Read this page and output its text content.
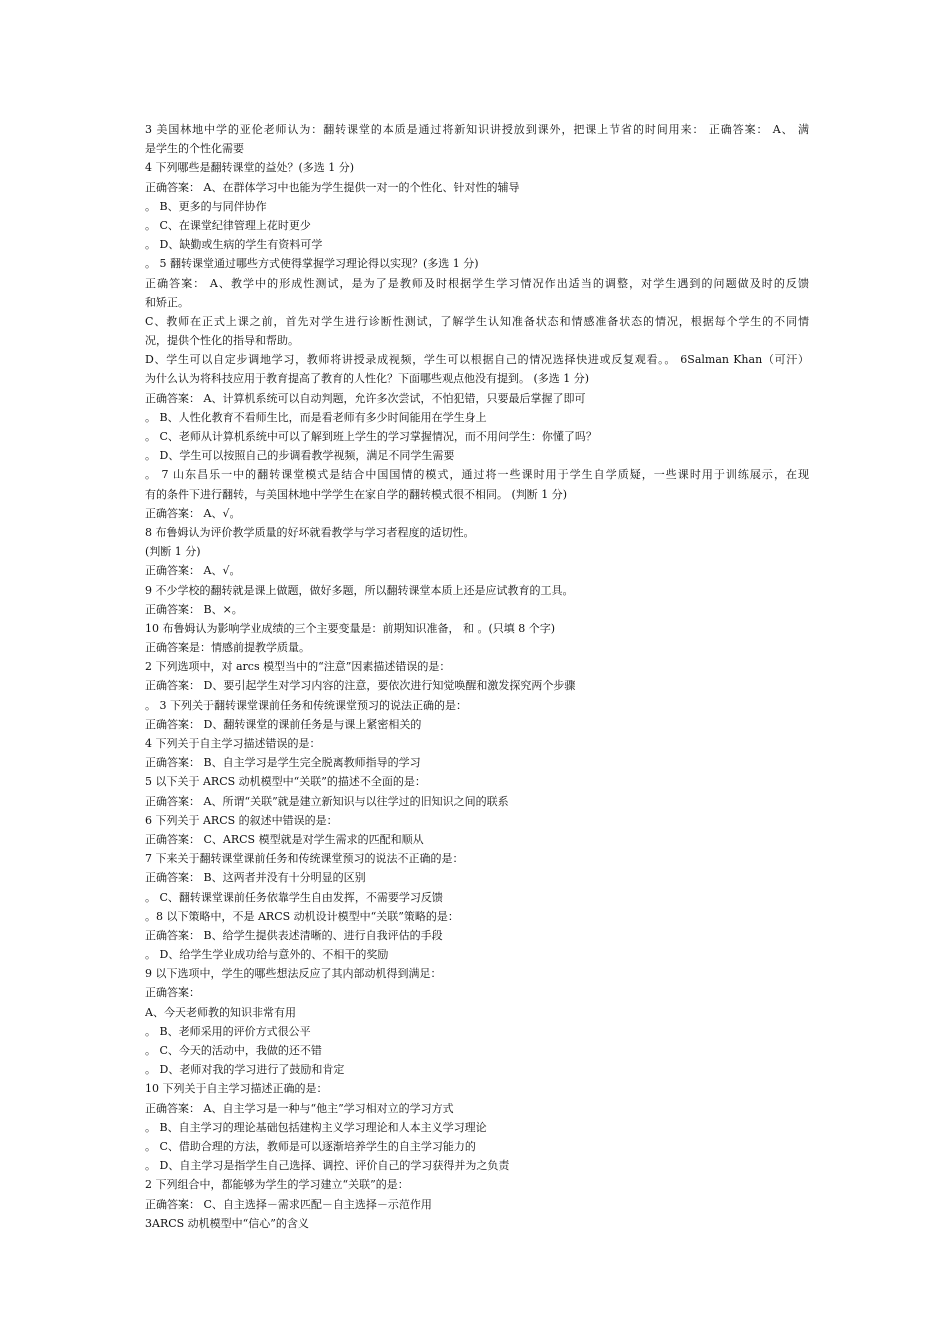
3 美国林地中学的亚伦老师认为：翻转课堂的本质是通过将新知识讲授放到课外，把课上节省的时间用来： 正确答案： A、 满
是学生的个性化需要
4 下列哪些是翻转课堂的益处？(多选 1 分)
正确答案： A、在群体学习中也能为学生提供一对一的个性化、针对性的辅导
。 B、更多的与同伴协作
。 C、在课堂纪律管理上花时更少
。 D、缺勤或生病的学生有资料可学
。 5 翻转课堂通过哪些方式使得掌握学习理论得以实现？(多选 1 分)
正确答案： A、教学中的形成性测试，是为了是教师及时根据学生学习情况作出适当的调整，对学生遇到的问题做及时的反馈
和矫正。
C、教师在正式上课之前，首先对学生进行诊断性测试，了解学生认知准备状态和情感准备状态的情况，根据每个学生的不同情
况，提供个性化的指导和帮助。
D、学生可以自定步调地学习，教师将讲授录成视频，学生可以根据自己的情况选择快进或反复观看。。 6Salman Khan（可汗）
为什么认为将科技应用于教育提高了教育的人性化？下面哪些观点他没有提到。 (多选 1 分)
正确答案： A、计算机系统可以自动判题，允许多次尝试，不怕犯错，只要最后掌握了即可
。 B、人性化教育不看师生比，而是看老师有多少时间能用在学生身上
。 C、老师从计算机系统中可以了解到班上学生的学习掌握情况，而不用问学生：你懂了吗？
。 D、学生可以按照自己的步调看教学视频，满足不同学生需要
。 7 山东昌乐一中的翻转课堂模式是结合中国国情的模式，通过将一些课时用于学生自学质疑，一些课时用于训练展示，在现
有的条件下进行翻转，与美国林地中学学生在家自学的翻转模式很不相同。 (判断 1 分)
正确答案： A、√。
8 布鲁姆认为评价教学质量的好坏就看教学与学习者程度的适切性。
(判断 1 分)
正确答案： A、√。
9 不少学校的翻转就是课上做题，做好多题，所以翻转课堂本质上还是应试教育的工具。
正确答案： B、×。
10 布鲁姆认为影响学业成绩的三个主要变量是：前期知识准备， 和 。(只填 8 个字)
正确答案是：情感前提教学质量。
2 下列选项中，对 arcs 模型当中的“注意”因素描述错误的是：
正确答案： D、要引起学生对学习内容的注意，要依次进行知觉唤醒和激发探究两个步骤
。 3 下列关于翻转课堂课前任务和传统课堂预习的说法正确的是：
正确答案： D、翻转课堂的课前任务是与课上紧密相关的
4 下列关于自主学习描述错误的是：
正确答案： B、自主学习是学生完全脱离教师指导的学习
5 以下关于 ARCS 动机模型中“关联”的描述不全面的是：
正确答案： A、所谓“关联”就是建立新知识与以往学过的旧知识之间的联系
6 下列关于 ARCS 的叙述中错误的是：
正确答案： C、ARCS 模型就是对学生需求的匹配和顺从
7 下来关于翻转课堂课前任务和传统课堂预习的说法不正确的是：
正确答案： B、这两者并没有十分明显的区别
。 C、翻转课堂课前任务依靠学生自由发挥，不需要学习反馈
。8 以下策略中，不是 ARCS 动机设计模型中“关联”策略的是：
正确答案： B、给学生提供表述清晰的、进行自我评估的手段
。 D、给学生学业成功给与意外的、不相干的奖励
9 以下选项中，学生的哪些想法反应了其内部动机得到满足：
正确答案：
A、今天老师教的知识非常有用
。 B、老师采用的评价方式很公平
。 C、今天的活动中，我做的还不错
。 D、老师对我的学习进行了鼓励和肯定
10 下列关于自主学习描述正确的是：
正确答案： A、自主学习是一种与“他主”学习相对立的学习方式
。 B、自主学习的理论基础包括建构主义学习理论和人本主义学习理论
。 C、借助合理的方法，教师是可以逐渐培养学生的自主学习能力的
。 D、自主学习是指学生自己选择、调控、评价自己的学习获得并为之负责
2 下列组合中，都能够为学生的学习建立“关联”的是：
正确答案： C、自主选择－需求匹配－自主选择－示范作用
3ARCS 动机模型中“信心”的含义
